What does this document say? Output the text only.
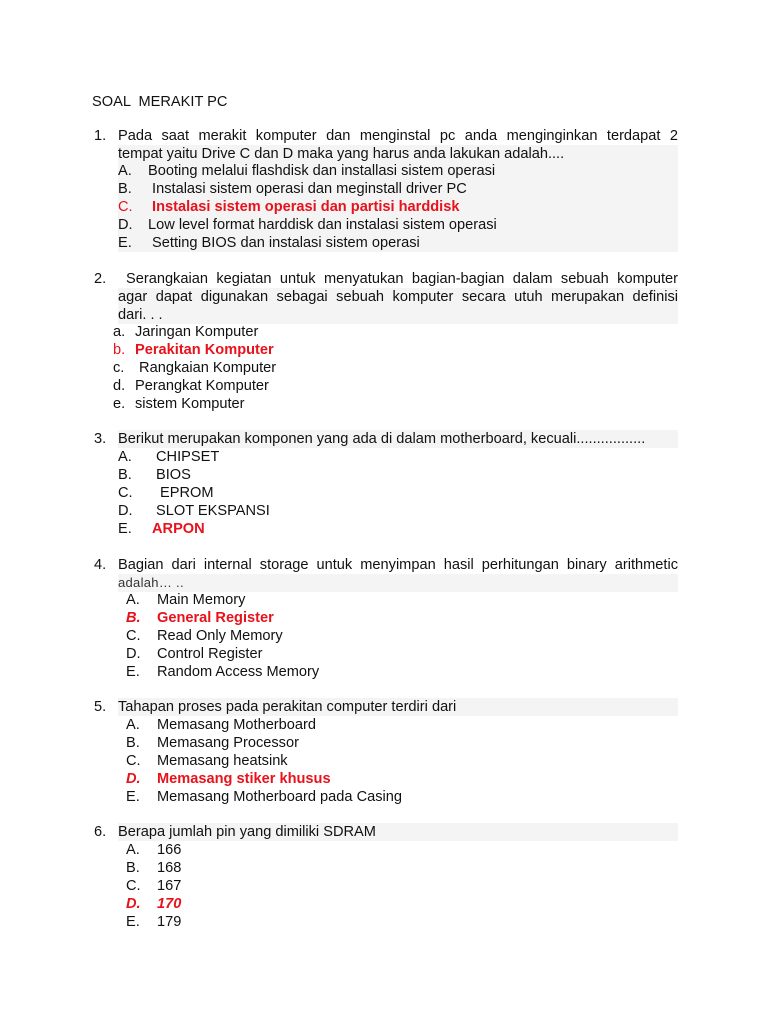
SOAL  MERAKIT PC
1. Pada saat merakit komputer dan menginstal pc anda menginginkan terdapat 2
tempat yaitu Drive C dan D maka yang harus anda lakukan adalah....
A. Booting melalui flashdisk dan installasi sistem operasi
B. Instalasi sistem operasi dan meginstall driver PC
C. Instalasi sistem operasi dan partisi harddisk
D. Low level format harddisk dan instalasi sistem operasi
E. Setting BIOS dan instalasi sistem operasi
2.	Serangkaian kegiatan untuk menyatukan bagian-bagian dalam sebuah komputer
agar dapat digunakan sebagai sebuah komputer secara utuh merupakan definisi
dari. . .
a. Jaringan Komputer
b. Perakitan Komputer
c. Rangkaian Komputer
d. Perangkat Komputer
e. sistem Komputer
3. Berikut merupakan komponen yang ada di dalam motherboard, kecuali.................
A. CHIPSET
B. BIOS
C. EPROM
D. SLOT EKSPANSI
E. ARPON
4. Bagian dari internal storage untuk menyimpan hasil perhitungan binary arithmetic
adalah… ..
A. Main Memory
B. General Register
C. Read Only Memory
D. Control Register
E. Random Access Memory
5. Tahapan proses pada perakitan computer terdiri dari
A. Memasang Motherboard
B. Memasang Processor
C. Memasang heatsink
D. Memasang stiker khusus
E. Memasang Motherboard pada Casing
6. Berapa jumlah pin yang dimiliki SDRAM
A. 166
B. 168
C. 167
D. 170
E. 179
